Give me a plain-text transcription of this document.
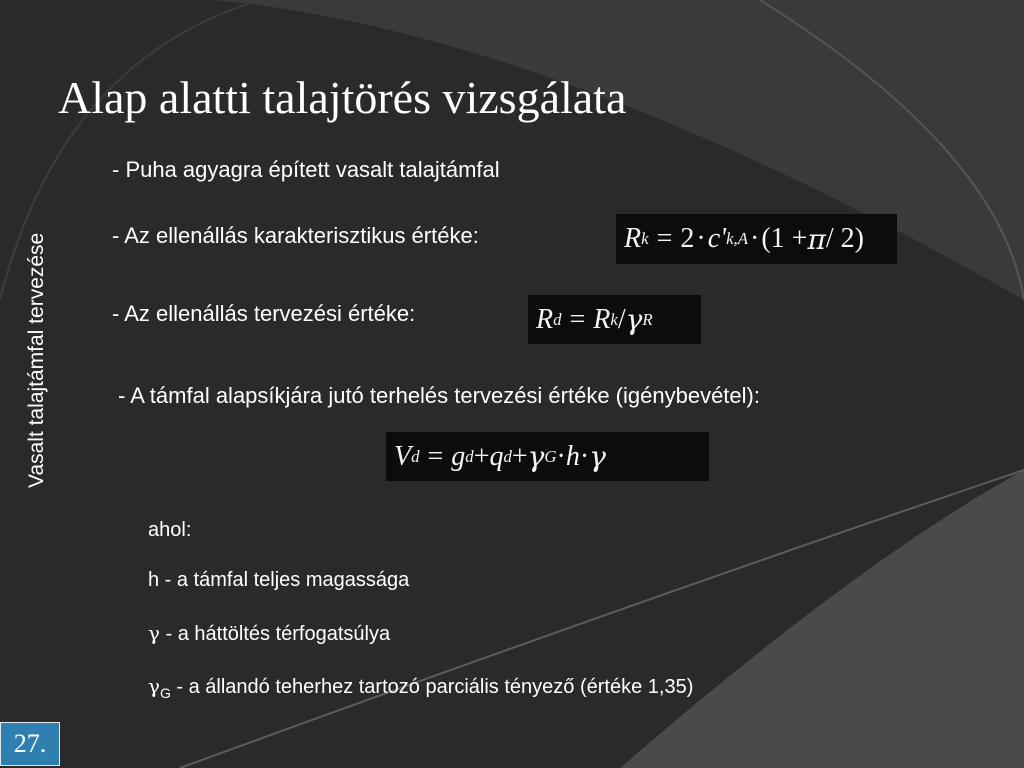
Alap alatti talajtörés vizsgálata
Vasalt talajtámfal tervezése
- Puha agyagra épített vasalt talajtámfal
- Az ellenállás karakterisztikus értéke:
- Az ellenállás tervezési értéke:
- A támfal alapsíkjára jutó terhelés tervezési értéke (igénybevétel):
R k = 2 · c' k,A · (1 + π / 2)
R d = R k / γ R
V d = g d + q d + γ G · h · γ
ahol:
h - a támfal teljes magassága
γ - a háttöltés térfogatsúlya
$\gamma_G$ - a állandó teherhez tartozó parciális tényező (értéke 1,35)
27.
